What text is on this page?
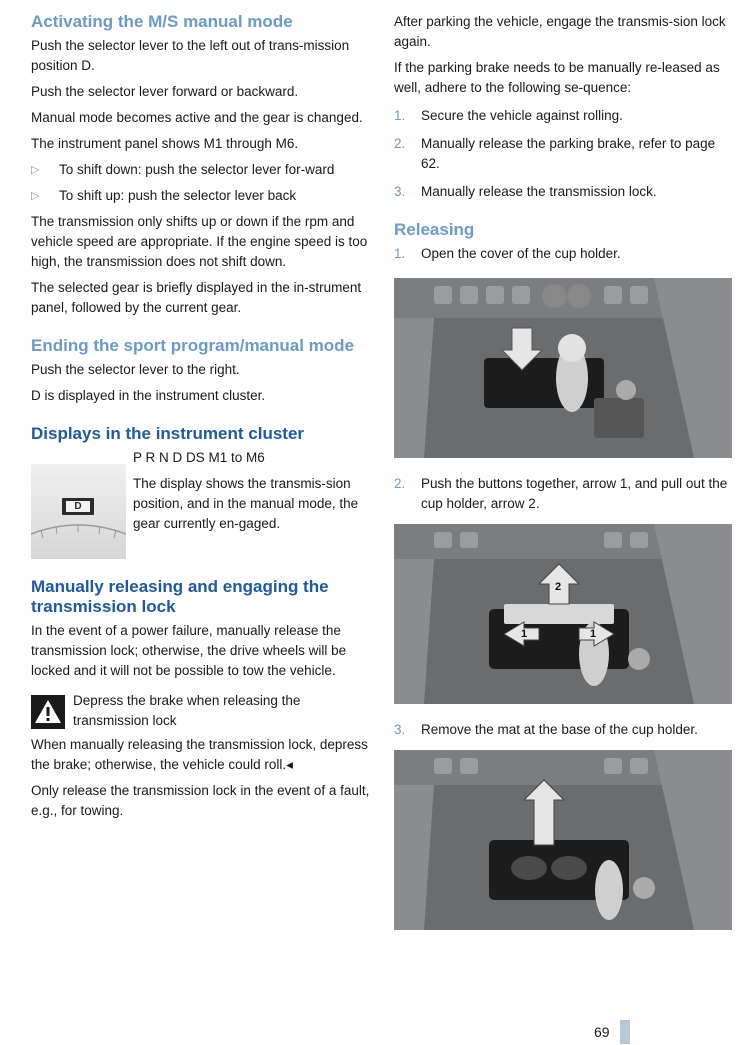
Activating the M/S manual mode

Push the selector lever to the left out of trans-mission position D.

Push the selector lever forward or backward.

Manual mode becomes active and the gear is changed.

The instrument panel shows M1 through M6.

▷	To shift down: push the selector lever for-ward

▷	To shift up: push the selector lever back

The transmission only shifts up or down if the rpm and vehicle speed are appropriate. If the engine speed is too high, the transmission does not shift down.

The selected gear is briefly displayed in the in-strument panel, followed by the current gear.

Ending the sport program/manual mode

Push the selector lever to the right.

D is displayed in the instrument cluster.

Displays in the instrument cluster
D

P R N D DS M1 to M6

The display shows the transmis-sion position, and in the manual mode, the gear currently en-gaged.

Manually releasing and engaging the transmission lock

In the event of a power failure, manually release the transmission lock; otherwise, the drive wheels will be locked and it will not be possible to tow the vehicle.

Depress the brake when releasing the transmission lock

When manually releasing the transmission lock, depress the brake; otherwise, the vehicle could roll.◂

Only release the transmission lock in the event of a fault, e.g., for towing.

After parking the vehicle, engage the transmis-sion lock again.

If the parking brake needs to be manually re-leased as well, adhere to the following se-quence:

1.	Secure the vehicle against rolling.

2.	Manually release the parking brake, refer to page 62.

3.	Manually release the transmission lock.

Releasing
1.	Open the cover of the cup holder.

2.	Push the buttons together, arrow 1, and pull out the cup holder, arrow 2.

1	1
2
3.	Remove the mat at the base of the cup holder.

69
